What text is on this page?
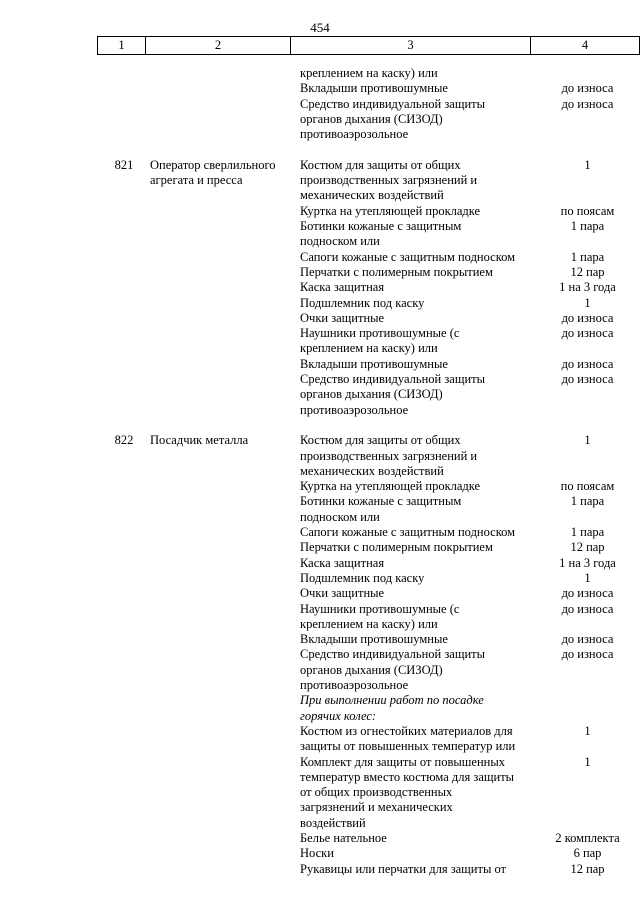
454
1	2	3	4
креплением на каску) или
Вкладыши противошумные	до износа
Средство индивидуальной защиты	до износа
органов дыхания (СИЗОД)
противоаэрозольное
821	Оператор сверлильного	Костюм для защиты от общих	1
агрегата и пресса	производственных загрязнений и
механических воздействий
Куртка на утепляющей прокладке	по поясам
Ботинки кожаные с защитным	1 пара
подноском или
Сапоги кожаные с защитным подноском	1 пара
Перчатки с полимерным покрытием	12 пар
Каска защитная	1 на 3 года
Подшлемник под каску	1
Очки защитные	до износа
Наушники противошумные (с	до износа
креплением на каску) или
Вкладыши противошумные	до износа
Средство индивидуальной защиты	до износа
органов дыхания (СИЗОД)
противоаэрозольное
822	Посадчик металла	Костюм для защиты от общих	1
производственных загрязнений и
механических воздействий
Куртка на утепляющей прокладке	по поясам
Ботинки кожаные с защитным	1 пара
подноском или
Сапоги кожаные с защитным подноском	1 пара
Перчатки с полимерным покрытием	12 пар
Каска защитная	1 на 3 года
Подшлемник под каску	1
Очки защитные	до износа
Наушники противошумные (с	до износа
креплением на каску) или
Вкладыши противошумные	до износа
Средство индивидуальной защиты	до износа
органов дыхания (СИЗОД)
противоаэрозольное
При выполнении работ по посадке
горячих колес:
Костюм из огнестойких материалов для	1
защиты от повышенных температур или
Комплект для защиты от повышенных	1
температур вместо костюма для защиты
от общих производственных
загрязнений и механических
воздействий
Белье нательное	2 комплекта
Носки	6 пар
Рукавицы или перчатки для защиты от	12 пар
